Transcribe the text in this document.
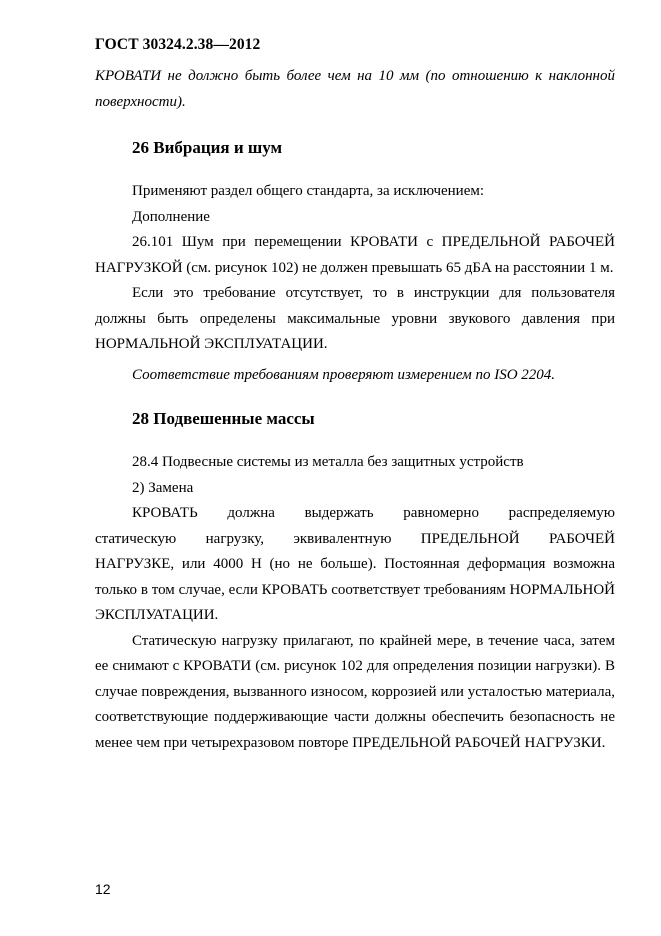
ГОСТ 30324.2.38—2012

КРОВАТИ не должно быть более чем на 10 мм (по отношению к наклонной поверхности).

26 Вибрация и шум

Применяют раздел общего стандарта, за исключением:

Дополнение

26.101 Шум при перемещении КРОВАТИ с ПРЕДЕЛЬНОЙ РАБОЧЕЙ НАГРУЗКОЙ (см. рисунок 102) не должен превышать 65 дБA на расстоянии 1 м.

Если это требование отсутствует, то в инструкции для пользователя должны быть определены максимальные уровни звукового давления при НОРМАЛЬНОЙ ЭКСПЛУАТАЦИИ.

Соответствие требованиям проверяют измерением по ISO 2204.

28 Подвешенные массы

28.4 Подвесные системы из металла без защитных устройств

2) Замена

КРОВАТЬ должна выдержать равномерно распределяемую

статическую нагрузку, эквивалентную ПРЕДЕЛЬНОЙ РАБОЧЕЙ

НАГРУЗКЕ, или 4000 Н (но не больше). Постоянная деформация возможна только в том случае, если КРОВАТЬ соответствует требованиям НОРМАЛЬНОЙ ЭКСПЛУАТАЦИИ.

Статическую нагрузку прилагают, по крайней мере, в течение часа, затем ее снимают с КРОВАТИ (см. рисунок 102 для определения позиции нагрузки). В случае повреждения, вызванного износом, коррозией или усталостью материала, соответствующие поддерживающие части должны обеспечить безопасность не менее чем при четырехразовом повторе ПРЕДЕЛЬНОЙ РАБОЧЕЙ НАГРУЗКИ.

12
